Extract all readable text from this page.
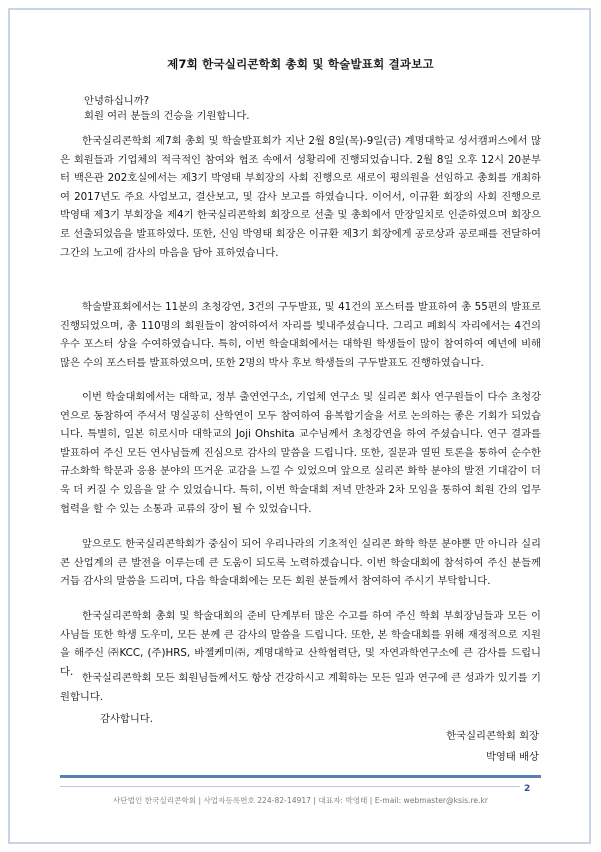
제7회 한국실리콘학회 총회 및 학술발표회 결과보고
안녕하십니까?
회원 여러 분들의 건승을 기원합니다.

한국실리콘학회 제7회 총회 및 학술발표회가 지난 2월 8일(목)-9일(금) 계명대학교 성서캠퍼스에서 많은 회원들과 기업체의 적극적인 참여와 협조 속에서 성황리에 진행되었습니다. 2월 8일 오후 12시 20분부터 백은관 202호실에서는 제3기 박영태 부회장의 사회 진행으로 새로이 평의원을 선임하고 총회를 개최하여 2017년도 주요 사업보고, 결산보고, 및 감사 보고를 하였습니다. 이어서, 이규환 회장의 사회 진행으로 박영태 제3기 부회장을 제4기 한국실리콘학회 회장으로 선출 및 총회에서 만장일치로 인준하였으며 회장으로 선출되었음을 발표하였다. 또한, 신임 박영태 회장은 이규환 제3기 회장에게 공로상과 공로패를 전달하여 그간의 노고에 감사의 마음을 담아 표하였습니다.

학술발표회에서는 11분의 초청강연, 3건의 구두발표, 및 41건의 포스터를 발표하여 총 55편의 발표로 진행되었으며, 총 110명의 회원들이 참여하여서 자리를 빛내주셨습니다. 그리고 폐회식 자리에서는 4건의 우수 포스터 상을 수여하였습니다. 특히, 이번 학술대회에서는 대학원 학생들이 많이 참여하여 예년에 비해 많은 수의 포스터를 발표하였으며, 또한 2명의 박사 후보 학생들의 구두발표도 진행하였습니다.

이번 학술대회에서는 대학교, 정부 출연연구소, 기업체 연구소 및 실리콘 회사 연구원들이 다수 초청강연으로 동참하여 주셔서 명실공히 산학연이 모두 참여하여 융복합기술을 서로 논의하는 좋은 기회가 되었습니다. 특별히, 일본 히로시마 대학교의 Joji Ohshita 교수님께서 초청강연을 하여 주셨습니다. 연구 결과를 발표하여 주신 모든 연사님들께 진심으로 감사의 말씀을 드립니다. 또한, 질문과 열띤 토론을 통하여 순수한 규소화학 학문과 응용 분야의 뜨거운 교감을 느낄 수 있었으며 앞으로 실리콘 화학 분야의 발전 기대감이 더욱 더 커질 수 있음을 알 수 있었습니다. 특히, 이번 학술대회 저녁 만찬과 2차 모임을 통하여 회원 간의 업무 협력을 할 수 있는 소통과 교류의 장이 될 수 있었습니다.

앞으로도 한국실리콘학회가 중심이 되어 우리나라의 기초적인 실리콘 화학 학문 분야뿐 만 아니라 실리콘 산업계의 큰 발전을 이루는데 큰 도움이 되도록 노력하겠습니다. 이번 학술대회에 참석하여 주신 분들께 거듭 감사의 말씀을 드리며, 다음 학술대회에는 모든 회원 분들께서 참여하여 주시기 부탁합니다.

한국실리콘학회 총회 및 학술대회의 준비 단계부터 많은 수고를 하여 주신 학회 부회장님들과 모든 이사님들 또한 학생 도우미, 모든 분께 큰 감사의 말씀을 드립니다. 또한, 본 학술대회를 위해 재정적으로 지원을 해주신 ㈜KCC, (주)HRS, 바젤케미㈜, 계명대학교 산학협력단, 및 자연과학연구소에 큰 감사를 드립니다.

한국실리콘학회 모든 회원님들께서도 항상 건강하시고 계획하는 모든 일과 연구에 큰 성과가 있기를 기원합니다.

감사합니다.
한국실리콘학회 회장
박영태 배상
2
사단법인 한국실리콘학회 | 사업자등록번호 224-82-14917 | 대표자: 박영태 | E-mail: webmaster@ksis.re.kr
